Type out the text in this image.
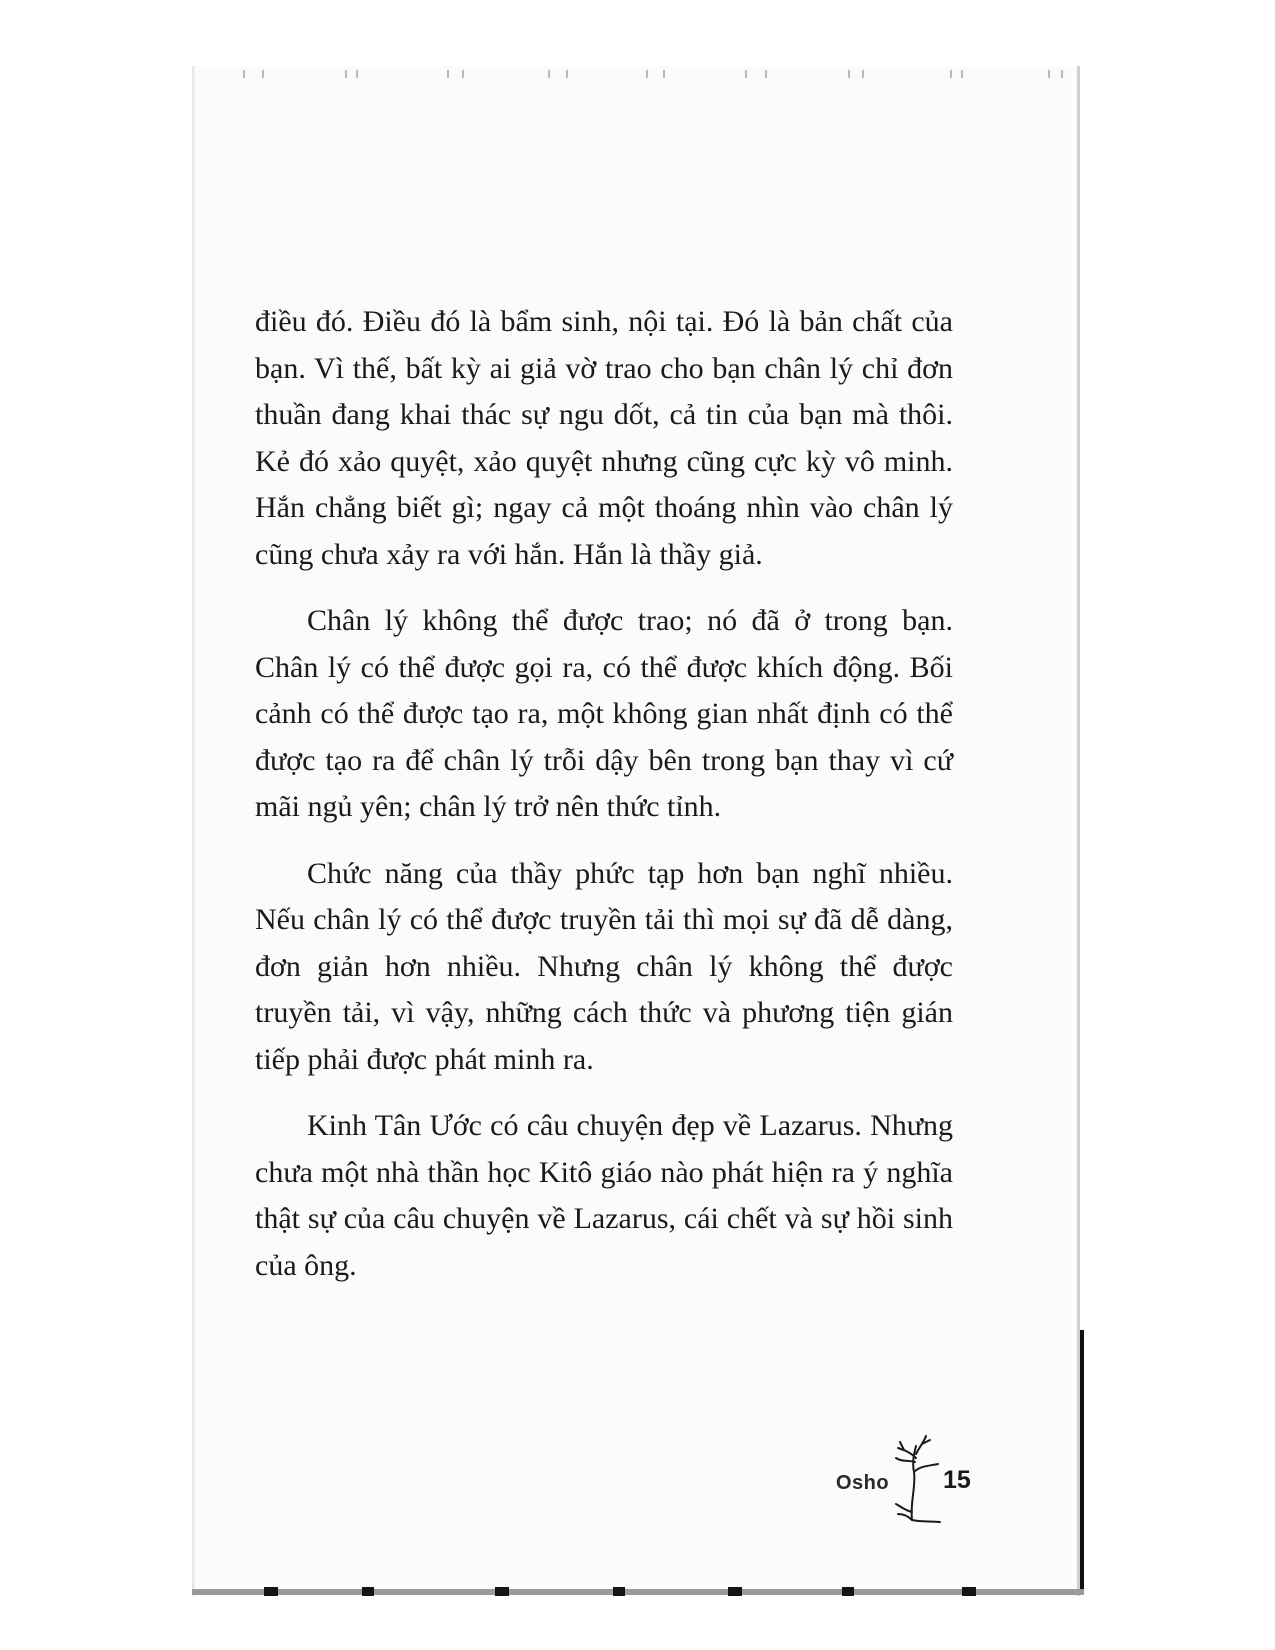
điều đó. Điều đó là bẩm sinh, nội tại. Đó là bản chất của bạn. Vì thế, bất kỳ ai giả vờ trao cho bạn chân lý chỉ đơn thuần đang khai thác sự ngu dốt, cả tin của bạn mà thôi. Kẻ đó xảo quyệt, xảo quyệt nhưng cũng cực kỳ vô minh. Hắn chẳng biết gì; ngay cả một thoáng nhìn vào chân lý cũng chưa xảy ra với hắn. Hắn là thầy giả.

Chân lý không thể được trao; nó đã ở trong bạn. Chân lý có thể được gọi ra, có thể được khích động. Bối cảnh có thể được tạo ra, một không gian nhất định có thể được tạo ra để chân lý trỗi dậy bên trong bạn thay vì cứ mãi ngủ yên; chân lý trở nên thức tỉnh.

Chức năng của thầy phức tạp hơn bạn nghĩ nhiều. Nếu chân lý có thể được truyền tải thì mọi sự đã dễ dàng, đơn giản hơn nhiều. Nhưng chân lý không thể được truyền tải, vì vậy, những cách thức và phương tiện gián tiếp phải được phát minh ra.

Kinh Tân Ước có câu chuyện đẹp về Lazarus. Nhưng chưa một nhà thần học Kitô giáo nào phát hiện ra ý nghĩa thật sự của câu chuyện về Lazarus, cái chết và sự hồi sinh của ông.

Osho 15
